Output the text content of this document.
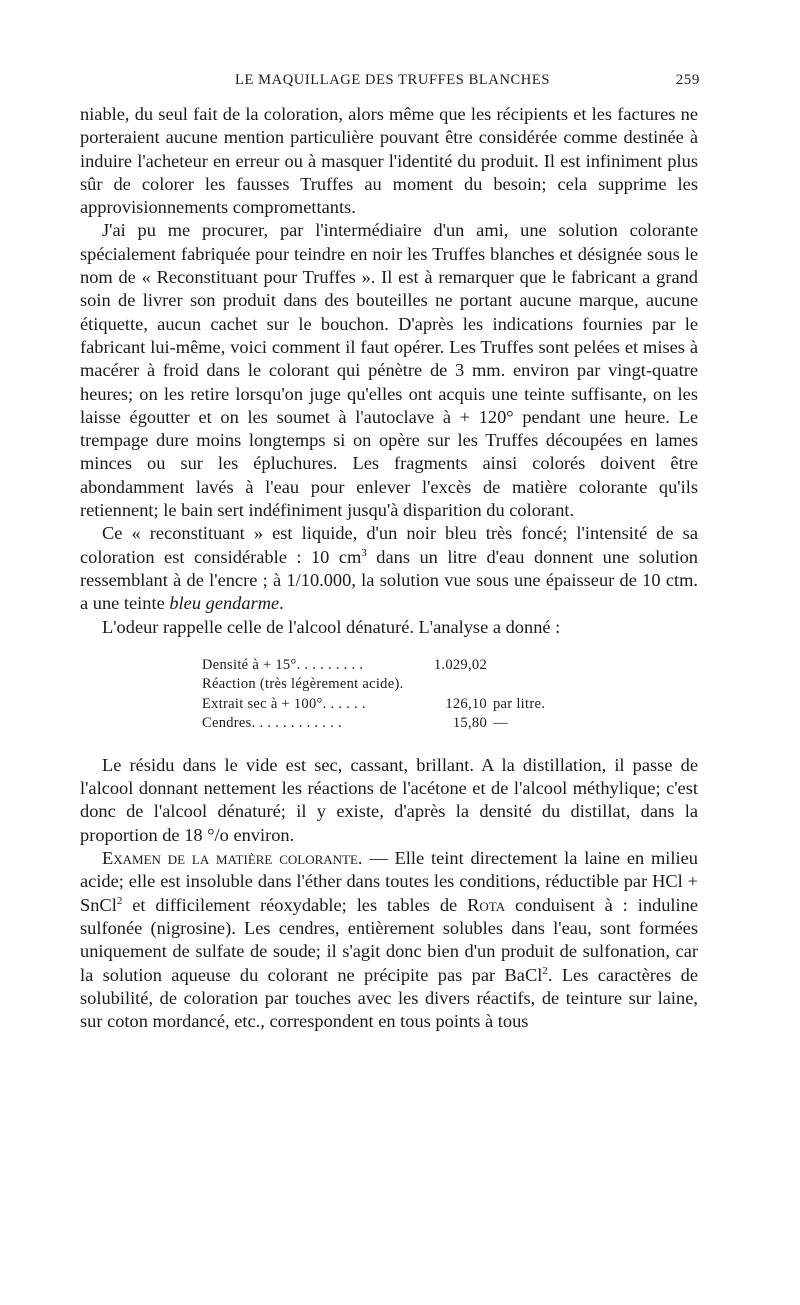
LE MAQUILLAGE DES TRUFFES BLANCHES	259

niable, du seul fait de la coloration, alors même que les récipients et les factures ne porteraient aucune mention particulière pouvant être considérée comme destinée à induire l'acheteur en erreur ou à masquer l'identité du produit. Il est infiniment plus sûr de colorer les fausses Truffes au moment du besoin; cela supprime les approvisionnements compromettants.

J'ai pu me procurer, par l'intermédiaire d'un ami, une solution colorante spécialement fabriquée pour teindre en noir les Truffes blanches et désignée sous le nom de « Reconstituant pour Truffes ». Il est à remarquer que le fabricant a grand soin de livrer son produit dans des bouteilles ne portant aucune marque, aucune étiquette, aucun cachet sur le bouchon. D'après les indications fournies par le fabricant lui-même, voici comment il faut opérer. Les Truffes sont pelées et mises à macérer à froid dans le colorant qui pénètre de 3 mm. environ par vingt-quatre heures; on les retire lorsqu'on juge qu'elles ont acquis une teinte suffisante, on les laisse égoutter et on les soumet à l'autoclave à + 120° pendant une heure. Le trempage dure moins longtemps si on opère sur les Truffes découpées en lames minces ou sur les épluchures. Les fragments ainsi colorés doivent être abondamment lavés à l'eau pour enlever l'excès de matière colorante qu'ils retiennent; le bain sert indéfiniment jusqu'à disparition du colorant.

Ce « reconstituant » est liquide, d'un noir bleu très foncé; l'intensité de sa coloration est considérable : 10 $cm^3$ dans un litre d'eau donnent une solution ressemblant à de l'encre ; à 1/10.000, la solution vue sous une épaisseur de 10 ctm. a une teinte bleu gendarme.

L'odeur rappelle celle de l'alcool dénaturé. L'analyse a donné :

Densité à + 15°. . . . . . . . .	1.029,02
Réaction (très légèrement acide).
Extrait sec à + 100°. . . . . .	126,10 par litre.
Cendres. . . . . . . . . . . .	15,80 —

Le résidu dans le vide est sec, cassant, brillant. A la distillation, il passe de l'alcool donnant nettement les réactions de l'acétone et de l'alcool méthylique; c'est donc de l'alcool dénaturé; il y existe, d'après la densité du distillat, dans la proportion de 18 °/o environ.

Examen de la matière colorante. — Elle teint directement la laine en milieu acide; elle est insoluble dans l'éther dans toutes les conditions, réductible par HCl + SnCl$^2$ et difficilement réoxydable; les tables de Rota conduisent à : induline sulfonée (nigrosine). Les cendres, entièrement solubles dans l'eau, sont formées uniquement de sulfate de soude; il s'agit donc bien d'un produit de sulfonation, car la solution aqueuse du colorant ne précipite pas par BaCl$^2$. Les caractères de solubilité, de coloration par touches avec les divers réactifs, de teinture sur laine, sur coton mordancé, etc., correspondent en tous points à tous
